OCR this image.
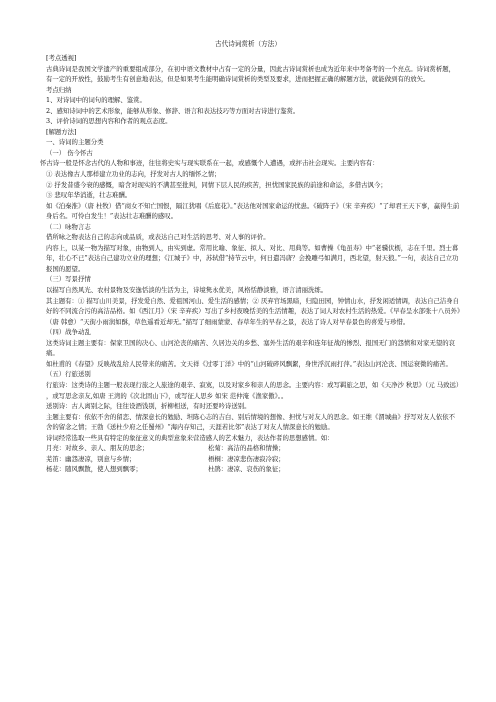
古代诗词赏析（方法）

[考点透视]

古典诗词是我国文学遗产的重要组成部分，在初中语文教材中占有一定的分量，因此古诗词赏析也成为近年来中考备考的一个亮点。诗词赏析题，有一定的开放性，鼓励考生有创意地表达，但是如果考生能明确诗词赏析的类型及要求，进而把握正确的解题方法，就能做到有的放矢。

考点归纳

1、对诗词中的词句的理解、鉴赏。

2、感知诗词中的艺术形象，能够从形象、修辞、语言和表达技巧等方面对古诗进行鉴赏。

3、评价诗词的思想内容和作者的观点态度。

[解题方法]

一、诗词的主题分类

（一） 伤今怀古

怀古诗一般是怀念古代的人物和事迹，往往将史实与现实联系在一起，或感慨个人遭遇，或抨击社会现实。主要内容有：

① 表达像古人那样建立功业的志向，抒发对古人的缅怀之情；

② 抒发昔盛今衰的感慨，暗含对现实的不满甚至批判，同情下层人民的疾苦，担忧国家民族的前途和命运，多借古讽今；

③ 悲叹年华消逝，壮志难酬。

如《泊秦淮》（唐 杜牧）借“商女不知亡国恨，隔江犹唱《后庭花》。”表达他对国家命运的忧患。《破阵子》（宋 辛弃疾）“了却君王天下事，赢得生前身后名。可怜白发生！”表达壮志难酬的感叹。

（二）咏物言志

借所咏之物表达自己的志向或品质，或表达自己对生活的思考、对人事的评价。

内容上，以某一物为描写对象，由物到人，由实到虚。常用比喻、象征、拟人、对比、用典等。如曹操《龟虽寿》中“老骥伏枥，志在千里。烈士暮年，壮心不已”表达自己建功立业的理想；《江城子》中，苏轼借“持节云中，何日遣冯唐？会挽雕弓如满月，西北望，射天狼。”一句，表达自己立功报国的愿望。

（三）写景抒情

以描写自然风光、农村景物及安逸恬淡的生活为主，诗境隽永优美，风格恬静淡雅，语言清丽洗练。

其主题有：① 描写山川美景，抒发爱自然、爱祖国河山、爱生活的感情；② 厌弃官场黑暗，归隐田园，钟情山水，抒发闲适情调，表达自己洁身自好的不同流合污的高洁品格。如《西江月》（宋 辛弃疾）写出了乡村夜晚恬美的生活情趣，表达了词人对农村生活的热爱。《早春呈水部张十八员外》（唐 韩愈）“天街小雨润如酥，草色遥看近却无。”描写了细雨蒙蒙、春草年生的早春之景，表达了诗人对早春景色的喜爱与珍惜。

（四）战争动乱

这类诗词主题主要有：保家卫国的决心、山河沦丧的痛苦、久居边关的乡愁、塞外生活的艰辛和连年征战的惨烈、报国无门的怨愤和对家无望的哀痛。

如杜甫的《春望》反映战乱给人民带来的痛苦。文天祥《过零丁洋》中的“山河破碎风飘絮，身世浮沉雨打萍。”表达山河沦丧、国运衰微的痛苦。

（五）行旅送别

行旅诗：这类诗的主题一般表现行旅之人旅途的艰辛、寂寞，以及对家乡和亲人的思念。主要内容：或写羁旅之思，如《天净沙 秋思》（元 马致远）

，或写思念亲友,如唐 王湾的《次北固山下》，或写征人思乡 如宋 范仲淹《渔家傲》。。

送别诗：古人离别之际，往往设酒饯别，折柳相送，有时还要吟诗送别。

主题主要有：依依不舍的留恋、情深意长的勉励、坦陈心志的吉白、别后情境的想像、担忧与对友人的思念。如王维《渭城曲》抒写对友人依依不舍的留念之情；王勃《送杜少府之任蜀州》“海内存知己，天涯若比邻”表达了对友人情深意长的勉励。

诗词经常选取一些具有特定的象征意义的典型意象来营造感人的艺术魅力，表达作者的思想感情。如：

月亮：对故乡、亲人、朋友的思念；	松菊：高洁的品格和情操；
芜笛：幽怨凄凉，别意与乡情；	梧桐：凄凉悲伤凄寂冷寂；
杨花：随风飘散，使人想到飘零；	杜鹃：凄凉、哀伤的象征；
